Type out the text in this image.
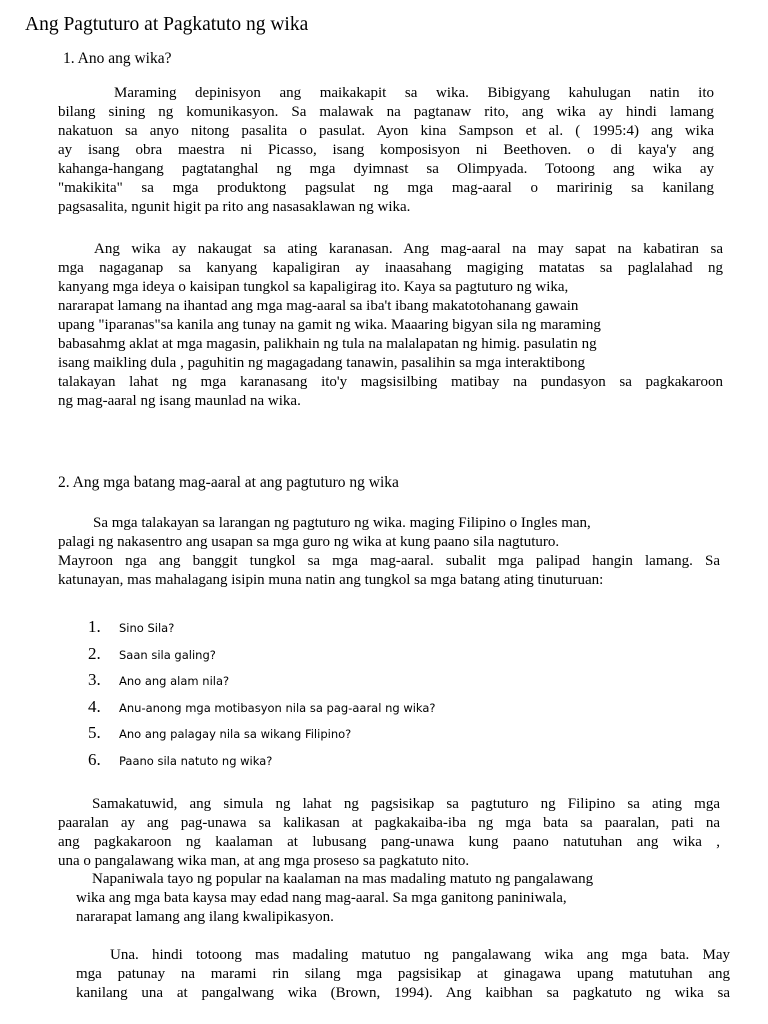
Ang Pagtuturo at Pagkatuto ng wika
1. Ano ang wika?
Maraming depinisyon ang maikakapit sa wika. Bibigyang kahulugan natin ito
bilang sining ng komunikasyon. Sa malawak na pagtanaw rito, ang wika ay hindi lamang
nakatuon sa anyo nitong pasalita o pasulat. Ayon kina Sampson et al. ( 1995:4) ang wika
ay isang obra maestra ni Picasso, isang komposisyon ni Beethoven. o di kaya'y ang
kahanga-hangang pagtatanghal ng mga dyimnast sa Olimpyada. Totoong ang wika ay
"makikita" sa mga produktong pagsulat ng mga mag-aaral o maririnig sa kanilang
pagsasalita, ngunit higit pa rito ang nasasaklawan ng wika.
Ang wika ay nakaugat sa ating karanasan. Ang mag-aaral na may sapat na kabatiran sa
mga nagaganap sa kanyang kapaligiran ay inaasahang magiging matatas sa paglalahad ng
kanyang mga ideya o kaisipan tungkol sa kapaligirag ito. Kaya sa pagtuturo ng wika,
nararapat lamang na ihantad ang mga mag-aaral sa iba't ibang makatotohanang gawain
upang "iparanas"sa kanila ang tunay na gamit ng wika. Maaaring bigyan sila ng maraming
babasahmg aklat at mga magasin, palikhain ng tula na malalapatan ng himig. pasulatin ng
isang maikling dula , paguhitin ng magagadang tanawin, pasalihin sa mga interaktibong
talakayan lahat ng mga karanasang ito'y magsisilbing matibay na pundasyon sa pagkakaroon
ng mag-aaral ng isang maunlad na wika.
2. Ang mga batang mag-aaral at ang pagtuturo ng wika
Sa mga talakayan sa larangan ng pagtuturo ng wika. maging Filipino o Ingles man,
palagi ng nakasentro ang usapan sa mga guro ng wika at kung paano sila nagtuturo.
Mayroon nga ang banggit tungkol sa mga mag-aaral. subalit mga palipad hangin lamang. Sa
katunayan, mas mahalagang isipin muna natin ang tungkol sa mga batang ating tinuturuan:
1. Sino Sila?
2. Saan sila galing?
3. Ano ang alam nila?
4. Anu-anong mga motibasyon nila sa pag-aaral ng wika?
5. Ano ang palagay nila sa wikang Filipino?
6. Paano sila natuto ng wika?
Samakatuwid, ang simula ng lahat ng pagsisikap sa pagtuturo ng Filipino sa ating mga
paaralan ay ang pag-unawa sa kalikasan at pagkakaiba-iba ng mga bata sa paaralan, pati na
ang pagkakaroon ng kaalaman at lubusang pang-unawa kung paano natutuhan ang wika ,
una o pangalawang wika man, at ang mga proseso sa pagkatuto nito.
Napaniwala tayo ng popular na kaalaman na mas madaling matuto ng pangalawang
wika ang mga bata kaysa may edad nang mag-aaral. Sa mga ganitong paniniwala,
nararapat lamang ang ilang kwalipikasyon.
Una. hindi totoong mas madaling matutuo ng pangalawang wika ang mga bata. May
mga patunay na marami rin silang mga pagsisikap at ginagawa upang matutuhan ang
kanilang una at pangalwang wika (Brown, 1994). Ang kaibhan sa pagkatuto ng wika sa
